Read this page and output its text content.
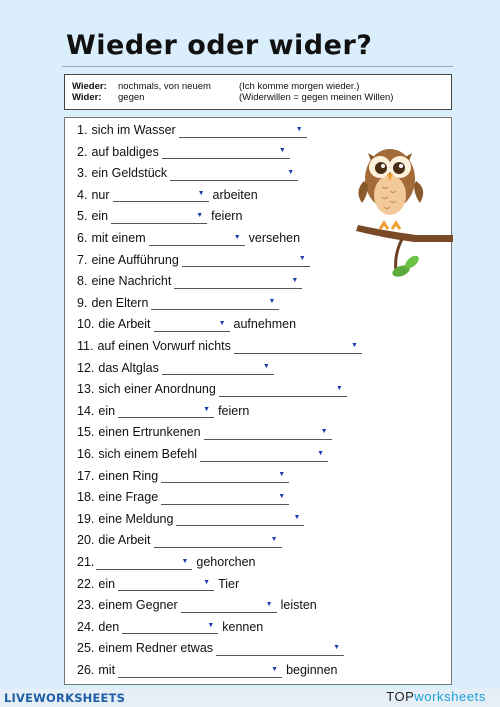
Wieder oder wider?
Wieder: nochmals, von neuem	(Ich komme morgen wieder.)
Wider: gegen	(Widerwillen = gegen meinen Willen)
1. sich im Wasser	▼
2. auf baldiges	▼
3. ein Geldstück	▼
4. nur	▼ arbeiten
5. ein	▼ feiern
6. mit einem	▼ versehen
7. eine Aufführung	▼
8. eine Nachricht	▼
9. den Eltern	▼
10. die Arbeit	▼ aufnehmen
11. auf einen Vorwurf nichts	▼
12. das Altglas	▼
13. sich einer Anordnung	▼
14. ein	▼ feiern
15. einen Ertrunkenen	▼
16. sich einem Befehl	▼
17. einen Ring	▼
18. eine Frage	▼
19. eine Meldung	▼
20. die Arbeit	▼
21.	▼ gehorchen
22. ein	▼ Tier
23. einem Gegner	▼ leisten
24. den	▼ kennen
25. einem Redner etwas	▼
26. mit	▼ beginnen
LIVEWORKSHEETS	TOPworksheets
